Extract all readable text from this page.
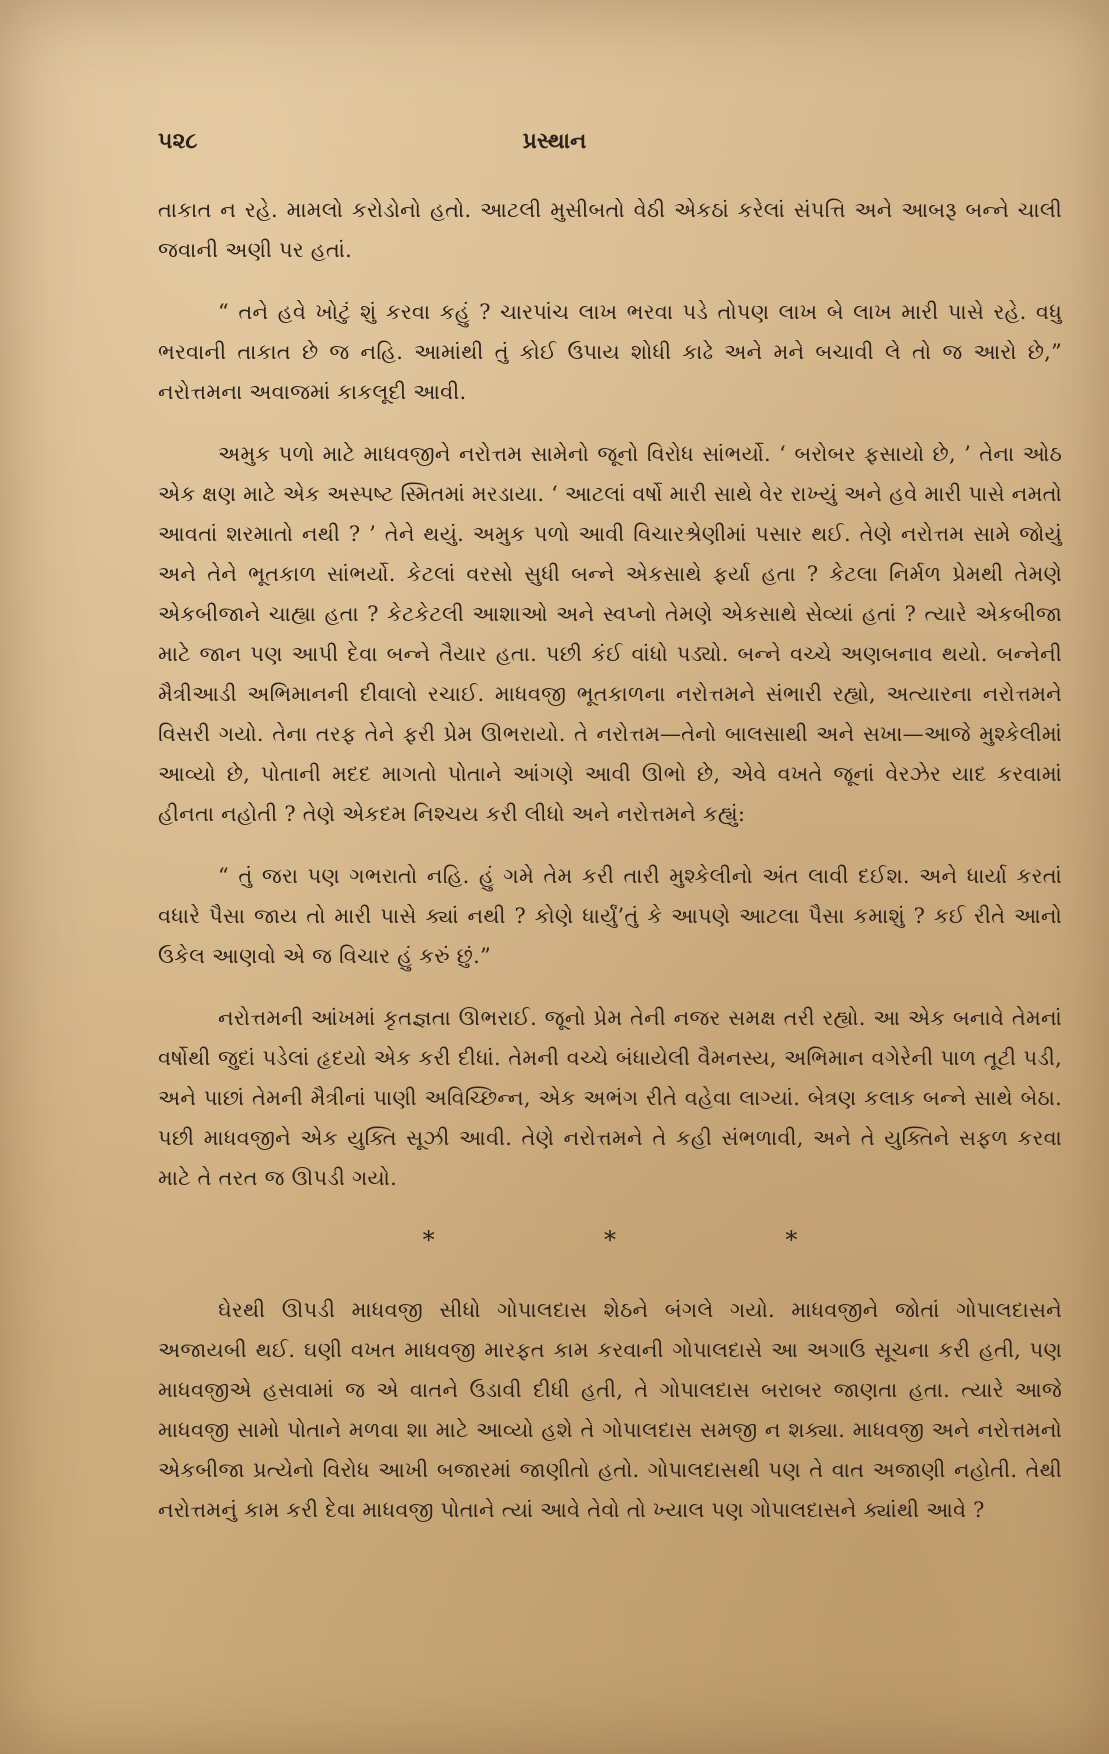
૫૨૮	પ્રસ્થાન

તાકાત ન રહે. મામલો કરોડોનો હતો. આટલી મુસીબતો વેઠી એકઠાં કરેલાં સંપત્તિ અને આબરૂ બન્ને ચાલી જવાની અણી પર હતાં.

“ તને હવે ખોટું શું કરવા કહું ? ચારપાંચ લાખ ભરવા પડે તોપણ લાખ બે લાખ મારી પાસે રહે. વધુ ભરવાની તાકાત છે જ નહિ. આમાંથી તું કોઈ ઉપાય શોધી કાઢે અને મને બચાવી લે તો જ આરો છે,” નરોત્તમના અવાજમાં કાકલૂદી આવી.

અમુક પળો માટે માધવજીને નરોત્તમ સામેનો જૂનો વિરોધ સાંભર્યો. ‘ બરોબર ફસાયો છે, ’ તેના ઓઠ એક ક્ષણ માટે એક અસ્પષ્ટ સ્મિતમાં મરડાયા. ‘ આટલાં વર્ષો મારી સાથે વેર રાખ્યું અને હવે મારી પાસે નમતો આવતાં શરમાતો નથી ? ’ તેને થયું. અમુક પળો આવી વિચારશ્રેણીમાં પસાર થઈ. તેણે નરોત્તમ સામે જોયું અને તેને ભૂતકાળ સાંભર્યો. કેટલાં વરસો સુધી બન્ને એકસાથે ફર્યા હતા ? કેટલા નિર્મળ પ્રેમથી તેમણે એકબીજાને ચાહ્યા હતા ? કેટકેટલી આશાઓ અને સ્વપ્નો તેમણે એકસાથે સેવ્યાં હતાં ? ત્યારે એકબીજા માટે જાન પણ આપી દેવા બન્ને તૈયાર હતા. પછી કંઈ વાંધો પડ્યો. બન્ને વચ્ચે અણબનાવ થયો. બન્નેની મૈત્રીઆડી અભિમાનની દીવાલો રચાઈ. માધવજી ભૂતકાળના નરોત્તમને સંભારી રહ્યો, અત્યારના નરોત્તમને વિસરી ગયો. તેના તરફ તેને ફરી પ્રેમ ઊભરાયો. તે નરોત્તમ—તેનો બાલસાથી અને સખા—આજે મુશ્કેલીમાં આવ્યો છે, પોતાની મદદ માગતો પોતાને આંગણે આવી ઊભો છે, એવે વખતે જૂનાં વેરઝેર યાદ કરવામાં હીનતા નહોતી ? તેણે એકદમ નિશ્ચય કરી લીધો અને નરોત્તમને કહ્યું:

“ તું જરા પણ ગભરાતો નહિ. હું ગમે તેમ કરી તારી મુશ્કેલીનો અંત લાવી દઈશ. અને ધાર્યા કરતાં વધારે પૈસા જાય તો મારી પાસે ક્યાં નથી ? કોણે ધાર્યું’તું કે આપણે આટલા પૈસા કમાશું ? કઈ રીતે આનો ઉકેલ આણવો એ જ વિચાર હું કરું છું.”

નરોત્તમની આંખમાં કૃતજ્ઞતા ઊભરાઈ. જૂનો પ્રેમ તેની નજર સમક્ષ તરી રહ્યો. આ એક બનાવે તેમનાં વર્ષોથી જુદાં પડેલાં હૃદયો એક કરી દીધાં. તેમની વચ્ચે બંધાયેલી વૈમનસ્ય, અભિમાન વગેરેની પાળ તૂટી પડી, અને પાછાં તેમની મૈત્રીનાં પાણી અવિચ્છિન્ન, એક અભંગ રીતે વહેવા લાગ્યાં. બેત્રણ કલાક બન્ને સાથે બેઠા. પછી માધવજીને એક યુક્તિ સૂઝી આવી. તેણે નરોત્તમને તે કહી સંભળાવી, અને તે યુક્તિને સફળ કરવા માટે તે તરત જ ઊપડી ગયો.

*	*	*

ઘેરથી ઊપડી માધવજી સીધો ગોપાલદાસ શેઠને બંગલે ગયો. માધવજીને જોતાં ગોપાલદાસને અજાયબી થઈ. ઘણી વખત માધવજી મારફત કામ કરવાની ગોપાલદાસે આ અગાઉ સૂચના કરી હતી, પણ માધવજીએ હસવામાં જ એ વાતને ઉડાવી દીધી હતી, તે ગોપાલદાસ બરાબર જાણતા હતા. ત્યારે આજે માધવજી સામો પોતાને મળવા શા માટે આવ્યો હશે તે ગોપાલદાસ સમજી ન શક્યા. માધવજી અને નરોત્તમનો એકબીજા પ્રત્યેનો વિરોધ આખી બજારમાં જાણીતો હતો. ગોપાલદાસથી પણ તે વાત અજાણી નહોતી. તેથી નરોત્તમનું કામ કરી દેવા માધવજી પોતાને ત્યાં આવે તેવો તો ખ્યાલ પણ ગોપાલદાસને ક્યાંથી આવે ?
